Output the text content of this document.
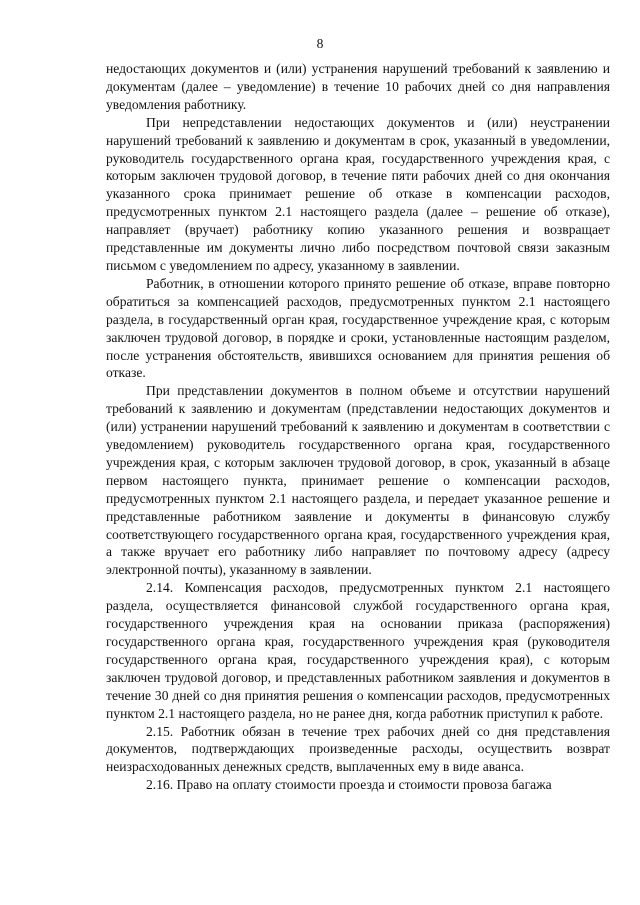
8

недостающих документов и (или) устранения нарушений требований к заявлению и документам (далее – уведомление) в течение 10 рабочих дней со дня направления уведомления работнику.

При непредставлении недостающих документов и (или) неустранении нарушений требований к заявлению и документам в срок, указанный в уведомлении, руководитель государственного органа края, государственного учреждения края, с которым заключен трудовой договор, в течение пяти рабочих дней со дня окончания указанного срока принимает решение об отказе в компенсации расходов, предусмотренных пунктом 2.1 настоящего раздела (далее – решение об отказе), направляет (вручает) работнику копию указанного решения и возвращает представленные им документы лично либо посредством почтовой связи заказным письмом с уведомлением по адресу, указанному в заявлении.

Работник, в отношении которого принято решение об отказе, вправе повторно обратиться за компенсацией расходов, предусмотренных пунктом 2.1 настоящего раздела, в государственный орган края, государственное учреждение края, с которым заключен трудовой договор, в порядке и сроки, установленные настоящим разделом, после устранения обстоятельств, явившихся основанием для принятия решения об отказе.

При представлении документов в полном объеме и отсутствии нарушений требований к заявлению и документам (представлении недостающих документов и (или) устранении нарушений требований к заявлению и документам в соответствии с уведомлением) руководитель государственного органа края, государственного учреждения края, с которым заключен трудовой договор, в срок, указанный в абзаце первом настоящего пункта, принимает решение о компенсации расходов, предусмотренных пунктом 2.1 настоящего раздела, и передает указанное решение и представленные работником заявление и документы в финансовую службу соответствующего государственного органа края, государственного учреждения края, а также вручает его работнику либо направляет по почтовому адресу (адресу электронной почты), указанному в заявлении.

2.14. Компенсация расходов, предусмотренных пунктом 2.1 настоящего раздела, осуществляется финансовой службой государственного органа края, государственного учреждения края на основании приказа (распоряжения) государственного органа края, государственного учреждения края (руководителя государственного органа края, государственного учреждения края), с которым заключен трудовой договор, и представленных работником заявления и документов в течение 30 дней со дня принятия решения о компенсации расходов, предусмотренных пунктом 2.1 настоящего раздела, но не ранее дня, когда работник приступил к работе.

2.15. Работник обязан в течение трех рабочих дней со дня представления документов, подтверждающих произведенные расходы, осуществить возврат неизрасходованных денежных средств, выплаченных ему в виде аванса.

2.16. Право на оплату стоимости проезда и стоимости провоза багажа
